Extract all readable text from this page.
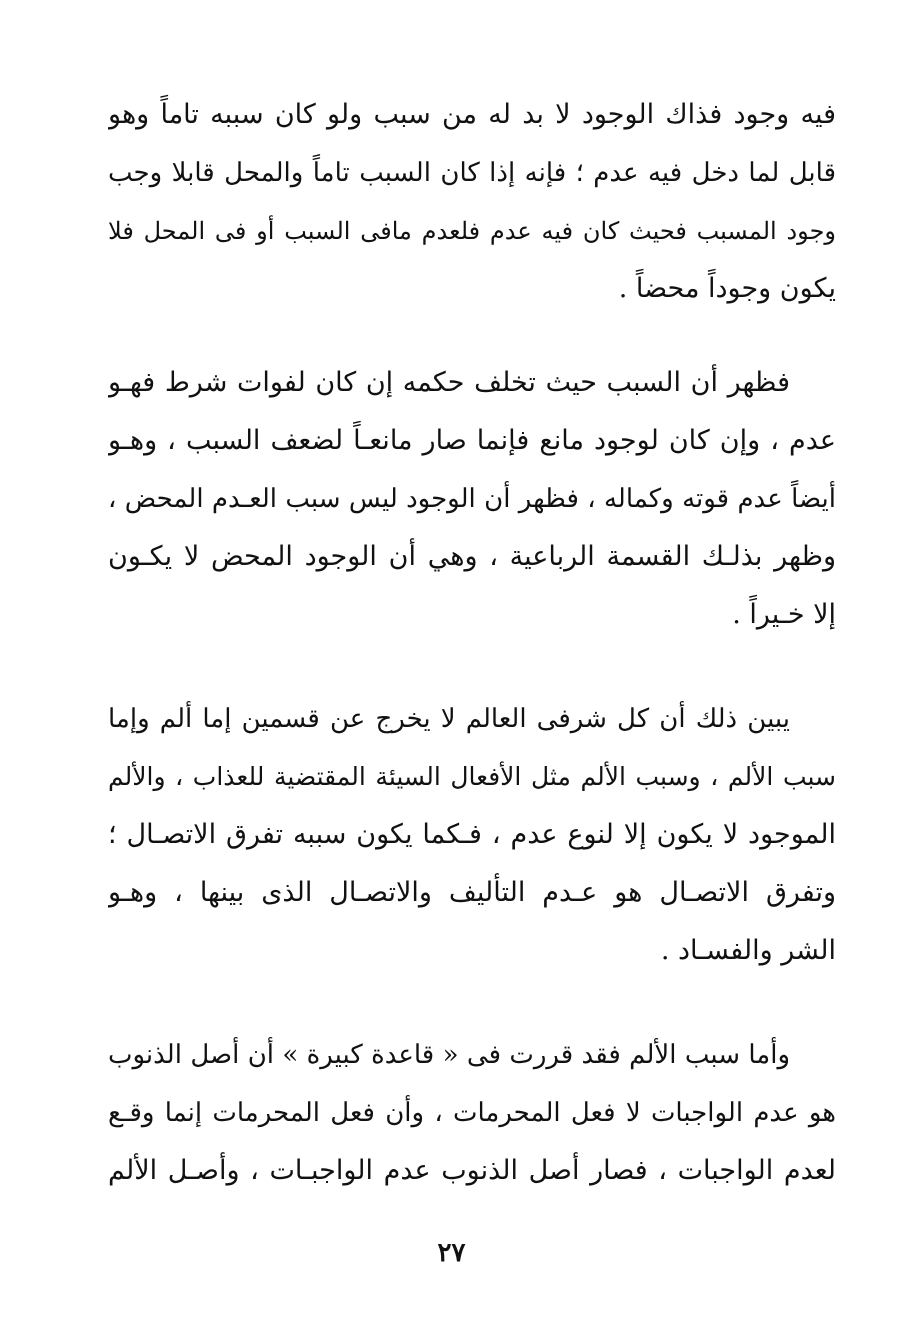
فيه وجود فذاك الوجود لا بد له من سبب ولو كان سببه تاماً وهو
قابل لما دخل فيه عدم ؛ فإنه إذا كان السبب تاماً والمحل قابلا وجب
وجود المسبب فحيث كان فيه عدم فلعدم مافى السبب أو فى المحل فلا
يكون وجوداً محضاً .
فظهر أن السبب حيث تخلف حكمه إن كان لفوات شرط فهـو
عدم ، وإن كان لوجود مانع فإنما صار مانعـاً لضعف السبب ، وهـو
أيضاً عدم قوته وكماله ، فظهر أن الوجود ليس سبب العـدم المحض ،
وظهر بذلـك القسمة الرباعية ، وهي أن الوجود المحض لا يكـون
إلا خـيراً .
يبين ذلك أن كل شرفى العالم لا يخرج عن قسمين إما ألم وإما
سبب الألم ، وسبب الألم مثل الأفعال السيئة المقتضية للعذاب ، والألم
الموجود لا يكون إلا لنوع عدم ، فـكما يكون سببه تفرق الاتصـال ؛
وتفرق الاتصـال هو عـدم التأليف والاتصـال الذى بينها ، وهـو
الشر والفسـاد .
وأما سبب الألم فقد قررت فى « قاعدة كبيرة » أن أصل الذنوب
هو عدم الواجبات لا فعل المحرمات ، وأن فعل المحرمات إنما وقـع
لعدم الواجبات ، فصار أصل الذنوب عدم الواجبـات ، وأصـل الألم
٢٧
